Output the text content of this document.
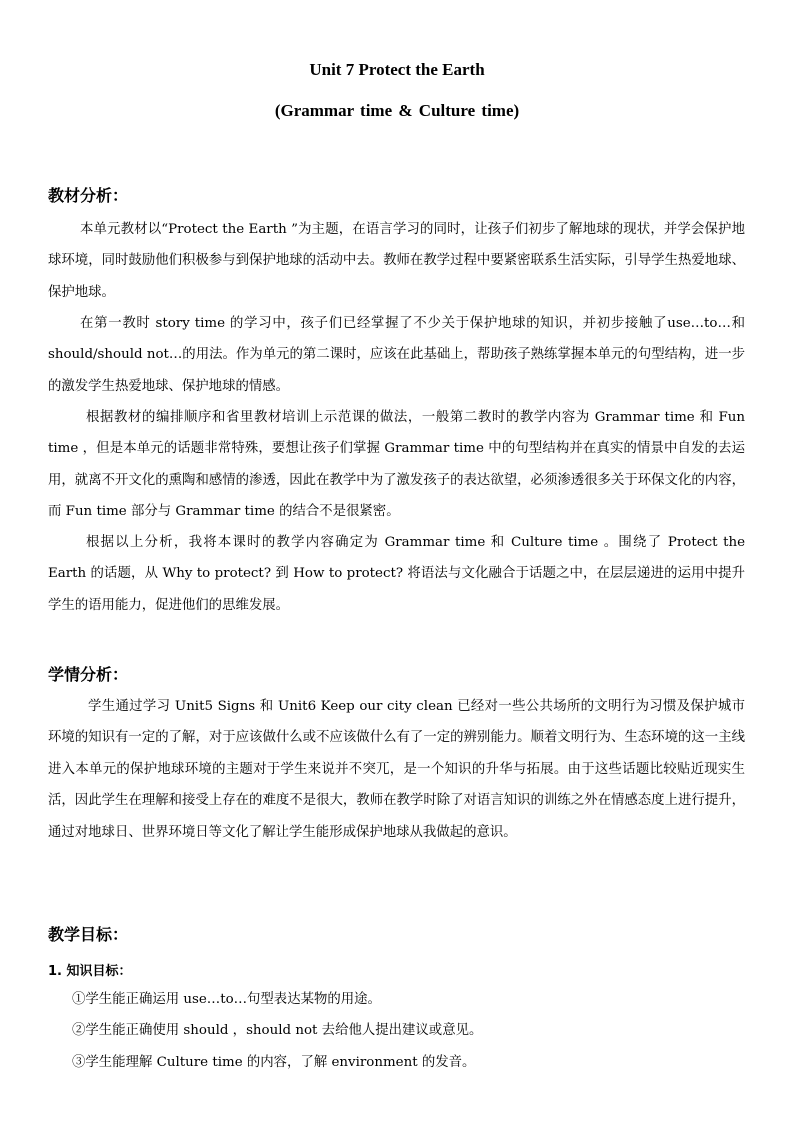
Unit 7 Protect the Earth
(Grammar time & Culture time)
教材分析：

本单元教材以“Protect the Earth ”为主题，在语言学习的同时，让孩子们初步了解地球的现状，并学会保护地球环境，同时鼓励他们积极参与到保护地球的活动中去。教师在教学过程中要紧密联系生活实际，引导学生热爱地球、保护地球。

在第一教时 story time 的学习中，孩子们已经掌握了不少关于保护地球的知识，并初步接触了use…to…和 should/should not…的用法。作为单元的第二课时，应该在此基础上，帮助孩子熟练掌握本单元的句型结构，进一步的激发学生热爱地球、保护地球的情感。

根据教材的编排顺序和省里教材培训上示范课的做法，一般第二教时的教学内容为 Grammar time 和 Fun time ，但是本单元的话题非常特殊，要想让孩子们掌握 Grammar time 中的句型结构并在真实的情景中自发的去运用，就离不开文化的熏陶和感情的渗透，因此在教学中为了激发孩子的表达欲望，必须渗透很多关于环保文化的内容，而 Fun time 部分与 Grammar time 的结合不是很紧密。

根据以上分析，我将本课时的教学内容确定为 Grammar time 和 Culture time 。围绕了 Protect the Earth 的话题，从 Why to protect? 到 How to protect? 将语法与文化融合于话题之中，在层层递进的运用中提升学生的语用能力，促进他们的思维发展。

学情分析：

学生通过学习 Unit5 Signs 和 Unit6 Keep our city clean 已经对一些公共场所的文明行为习惯及保护城市环境的知识有一定的了解，对于应该做什么或不应该做什么有了一定的辨别能力。顺着文明行为、生态环境的这一主线进入本单元的保护地球环境的主题对于学生来说并不突兀，是一个知识的升华与拓展。由于这些话题比较贴近现实生活，因此学生在理解和接受上存在的难度不是很大，教师在教学时除了对语言知识的训练之外在情感态度上进行提升，通过对地球日、世界环境日等文化了解让学生能形成保护地球从我做起的意识。

教学目标：
1. 知识目标：
①学生能正确运用 use…to…句型表达某物的用途。
②学生能正确使用 should ，should not 去给他人提出建议或意见。
③学生能理解 Culture time 的内容，了解 environment 的发音。
